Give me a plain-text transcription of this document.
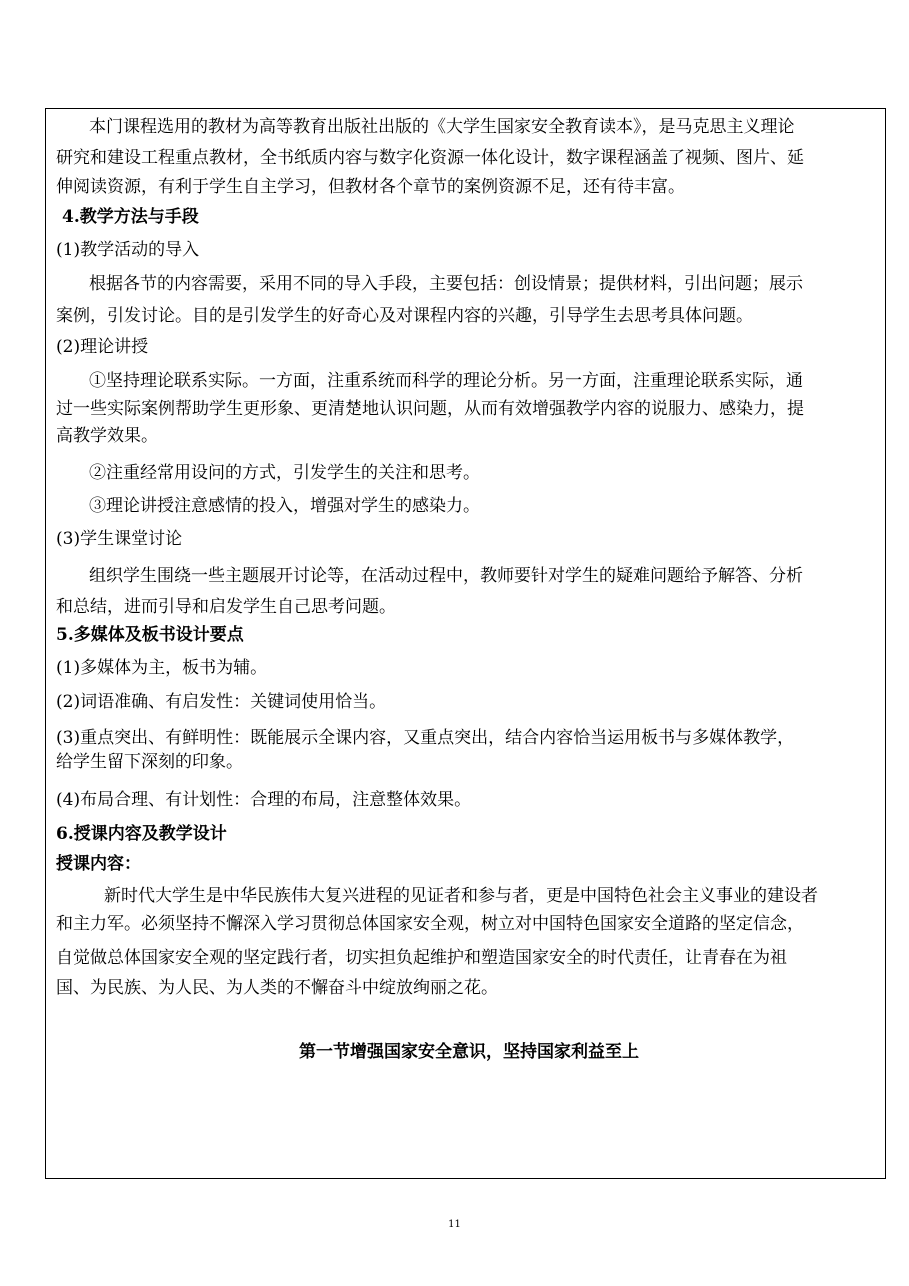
本门课程选用的教材为高等教育出版社出版的《大学生国家安全教育读本》，是马克思主义理论
研究和建设工程重点教材，全书纸质内容与数字化资源一体化设计，数字课程涵盖了视频、图片、延
伸阅读资源，有利于学生自主学习，但教材各个章节的案例资源不足，还有待丰富。
4.教学方法与手段
(1)教学活动的导入
根据各节的内容需要，采用不同的导入手段，主要包括：创设情景；提供材料，引出问题；展示
案例，引发讨论。目的是引发学生的好奇心及对课程内容的兴趣，引导学生去思考具体问题。
(2)理论讲授
①坚持理论联系实际。一方面，注重系统而科学的理论分析。另一方面，注重理论联系实际，通
过一些实际案例帮助学生更形象、更清楚地认识问题，从而有效增强教学内容的说服力、感染力，提
高教学效果。
②注重经常用设问的方式，引发学生的关注和思考。
③理论讲授注意感情的投入，增强对学生的感染力。
(3)学生课堂讨论
组织学生围绕一些主题展开讨论等，在活动过程中，教师要针对学生的疑难问题给予解答、分析
和总结，进而引导和启发学生自己思考问题。
5.多媒体及板书设计要点
(1)多媒体为主，板书为辅。
(2)词语准确、有启发性：关键词使用恰当。
(3)重点突出、有鲜明性：既能展示全课内容，又重点突出，结合内容恰当运用板书与多媒体教学，
给学生留下深刻的印象。
(4)布局合理、有计划性：合理的布局，注意整体效果。
6.授课内容及教学设计
授课内容：
新时代大学生是中华民族伟大复兴进程的见证者和参与者，更是中国特色社会主义事业的建设者
和主力军。必须坚持不懈深入学习贯彻总体国家安全观，树立对中国特色国家安全道路的坚定信念，
自觉做总体国家安全观的坚定践行者，切实担负起维护和塑造国家安全的时代责任，让青春在为祖
国、为民族、为人民、为人类的不懈奋斗中绽放绚丽之花。
第一节增强国家安全意识，坚持国家利益至上
11
